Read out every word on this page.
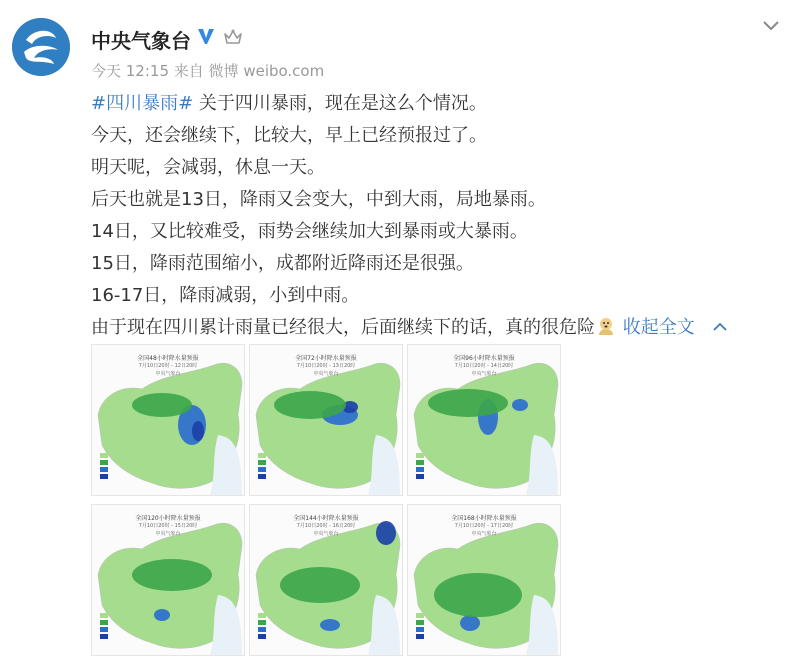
中央气象台
今天 12:15 来自 微博 weibo.com
#四川暴雨# 关于四川暴雨，现在是这么个情况。
今天，还会继续下，比较大，早上已经预报过了。
明天呢，会减弱，休息一天。
后天也就是13日，降雨又会变大，中到大雨，局地暴雨。
14日，又比较难受，雨势会继续加大到暴雨或大暴雨。
15日，降雨范围缩小，成都附近降雨还是很强。
16-17日，降雨减弱，小到中雨。
由于现在四川累计雨量已经很大，后面继续下的话，真的很危险 收起全文
全国48小时降水量预报
7月10日20时 - 12日20时
中央气象台
全国72小时降水量预报
7月10日20时 - 13日20时
中央气象台
全国96小时降水量预报
7月10日20时 - 14日20时
中央气象台
全国120小时降水量预报
7月10日20时 - 15日20时
中央气象台
全国144小时降水量预报
7月10日20时 - 16日20时
中央气象台
全国168小时降水量预报
7月10日20时 - 17日20时
中央气象台
